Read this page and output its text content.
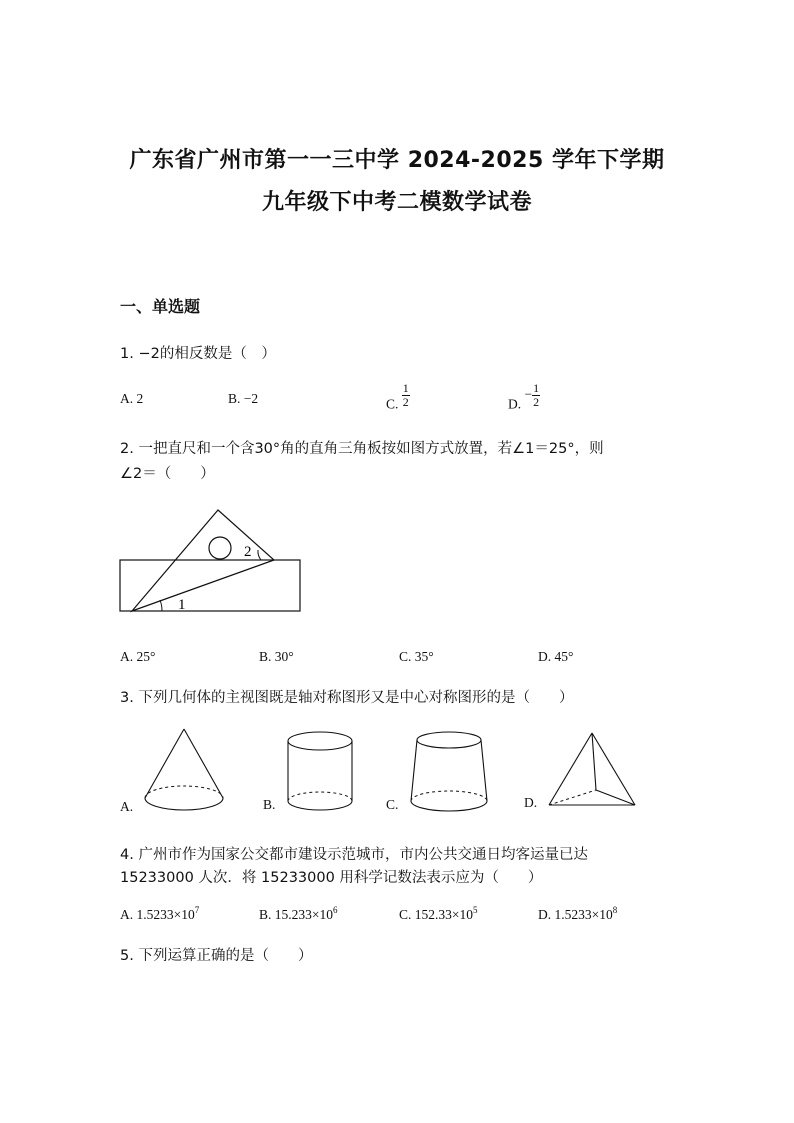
广东省广州市第一一三中学 2024-2025 学年下学期
九年级下中考二模数学试卷
一、单选题
1. −2的相反数是（　）
A. 2	B. −2	C. $\frac{1}{2}$	D. − $\frac{1}{2}$
2. 一把直尺和一个含30°角的直角三角板按如图方式放置，若∠1＝25°，则
∠2＝（　　）
1
2
A. 25°	B. 30°	C. 35°	D. 45°
3. 下列几何体的主视图既是轴对称图形又是中心对称图形的是（　　）
A.	B.	C.	D.
4. 广州市作为国家公交都市建设示范城市，市内公共交通日均客运量已达
15233000 人次．将 15233000 用科学记数法表示应为（　　）
A. $1.5233\times 10^7$	B. $15.233\times 10^6$	C. $152.33\times 10^5$	D. $1.5233\times 10^8$
5. 下列运算正确的是（　　）
